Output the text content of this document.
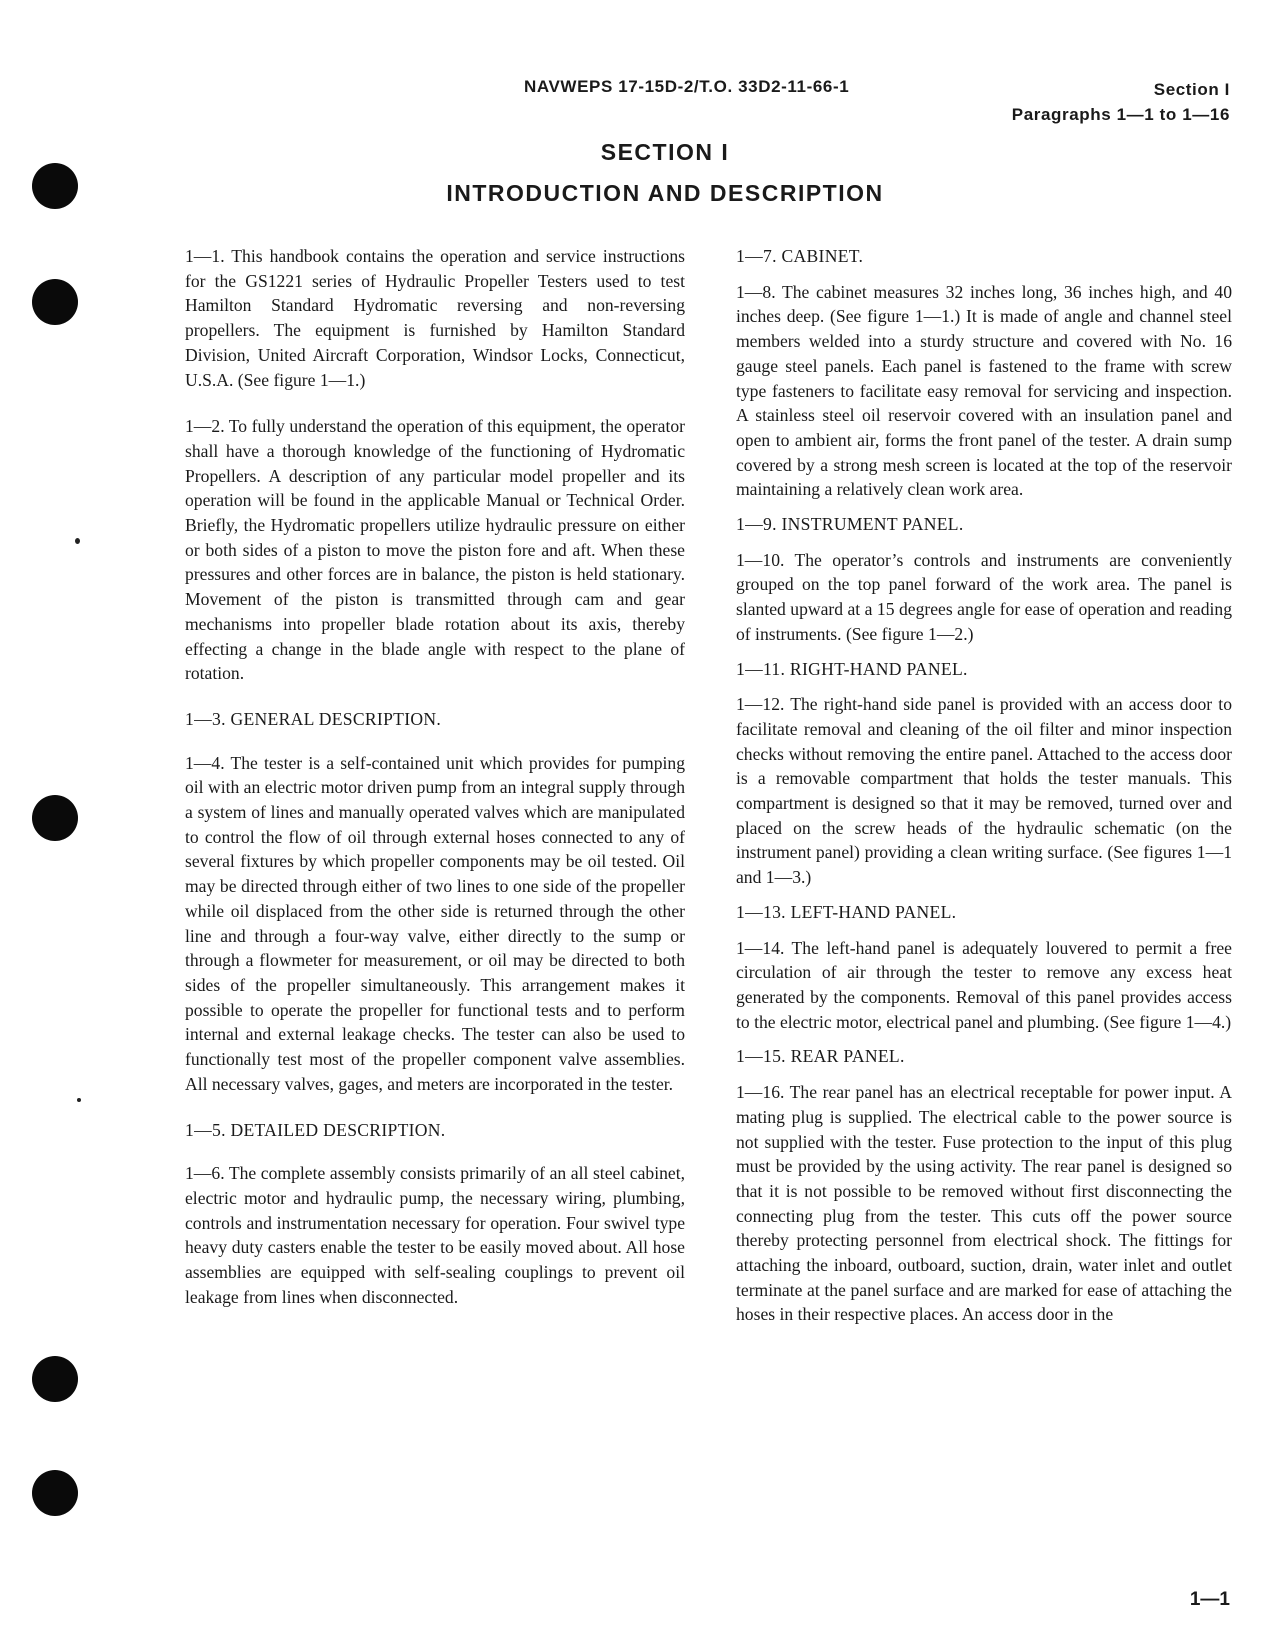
NAVWEPS 17-15D-2/T.O. 33D2-11-66-1	Section I
Paragraphs 1—1 to 1—16
SECTION I
INTRODUCTION AND DESCRIPTION

1—1. This handbook contains the operation and service instructions for the GS1221 series of Hydraulic Propeller Testers used to test Hamilton Standard Hydromatic reversing and non-reversing propellers. The equipment is furnished by Hamilton Standard Division, United Aircraft Corporation, Windsor Locks, Connecticut, U.S.A. (See figure 1—1.)

1—2. To fully understand the operation of this equipment, the operator shall have a thorough knowledge of the functioning of Hydromatic Propellers. A description of any particular model propeller and its operation will be found in the applicable Manual or Technical Order. Briefly, the Hydromatic propellers utilize hydraulic pressure on either or both sides of a piston to move the piston fore and aft. When these pressures and other forces are in balance, the piston is held stationary. Movement of the piston is transmitted through cam and gear mechanisms into propeller blade rotation about its axis, thereby effecting a change in the blade angle with respect to the plane of rotation.

1—3. GENERAL DESCRIPTION.

1—4. The tester is a self-contained unit which provides for pumping oil with an electric motor driven pump from an integral supply through a system of lines and manually operated valves which are manipulated to control the flow of oil through external hoses connected to any of several fixtures by which propeller components may be oil tested. Oil may be directed through either of two lines to one side of the propeller while oil displaced from the other side is returned through the other line and through a four-way valve, either directly to the sump or through a flowmeter for measurement, or oil may be directed to both sides of the propeller simultaneously. This arrangement makes it possible to operate the propeller for functional tests and to perform internal and external leakage checks. The tester can also be used to functionally test most of the propeller component valve assemblies. All necessary valves, gages, and meters are incorporated in the tester.

1—5. DETAILED DESCRIPTION.

1—6. The complete assembly consists primarily of an all steel cabinet, electric motor and hydraulic pump, the necessary wiring, plumbing, controls and instrumentation necessary for operation. Four swivel type heavy duty casters enable the tester to be easily moved about. All hose assemblies are equipped with self-sealing couplings to prevent oil leakage from lines when disconnected.

1—7. CABINET.

1—8. The cabinet measures 32 inches long, 36 inches high, and 40 inches deep. (See figure 1—1.) It is made of angle and channel steel members welded into a sturdy structure and covered with No. 16 gauge steel panels. Each panel is fastened to the frame with screw type fasteners to facilitate easy removal for servicing and inspection. A stainless steel oil reservoir covered with an insulation panel and open to ambient air, forms the front panel of the tester. A drain sump covered by a strong mesh screen is located at the top of the reservoir maintaining a relatively clean work area.

1—9. INSTRUMENT PANEL.

1—10. The operator’s controls and instruments are conveniently grouped on the top panel forward of the work area. The panel is slanted upward at a 15 degrees angle for ease of operation and reading of instruments. (See figure 1—2.)

1—11. RIGHT-HAND PANEL.

1—12. The right-hand side panel is provided with an access door to facilitate removal and cleaning of the oil filter and minor inspection checks without removing the entire panel. Attached to the access door is a removable compartment that holds the tester manuals. This compartment is designed so that it may be removed, turned over and placed on the screw heads of the hydraulic schematic (on the instrument panel) providing a clean writing surface. (See figures 1—1 and 1—3.)

1—13. LEFT-HAND PANEL.

1—14. The left-hand panel is adequately louvered to permit a free circulation of air through the tester to remove any excess heat generated by the components. Removal of this panel provides access to the electric motor, electrical panel and plumbing. (See figure 1—4.)

1—15. REAR PANEL.

1—16. The rear panel has an electrical receptable for power input. A mating plug is supplied. The electrical cable to the power source is not supplied with the tester. Fuse protection to the input of this plug must be provided by the using activity. The rear panel is designed so that it is not possible to be removed without first disconnecting the connecting plug from the tester. This cuts off the power source thereby protecting personnel from electrical shock. The fittings for attaching the inboard, outboard, suction, drain, water inlet and outlet terminate at the panel surface and are marked for ease of attaching the hoses in their respective places. An access door in the

1—1
